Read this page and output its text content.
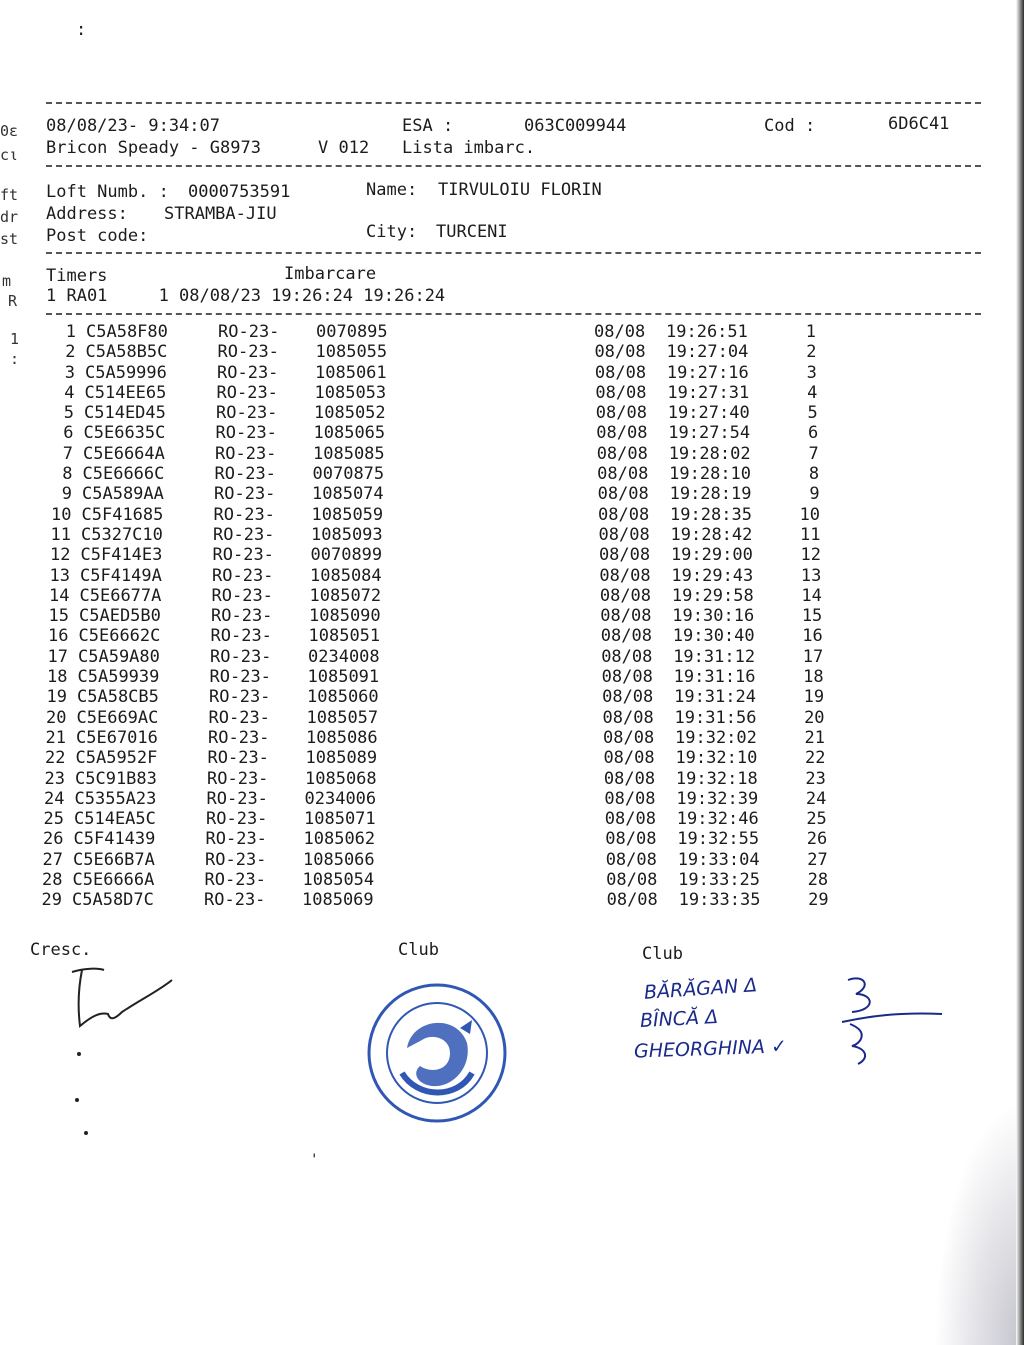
:
0ε
cι
ft
dr
st
m
R
1
:
08/08/23- 9:34:07	ESA :	063C009944	Cod :	6D6C41
Bricon Speady - G8973	V 012 Lista imbarc.
Loft Numb. : 0000753591	Name: TIRVULOIU FLORIN
Address: STRAMBA-JIU
Post code:	City: TURCENI
Timers	Imbarcare
1 RA01     1 08/08/23 19:26:24 19:26:24
1 C5A58F80	RO-23- 0070895	08/08 19:26:51	1
2 C5A58B5C	RO-23- 1085055	08/08 19:27:04	2
3 C5A59996	RO-23- 1085061	08/08 19:27:16	3
4 C514EE65	RO-23- 1085053	08/08 19:27:31	4
5 C514ED45	RO-23- 1085052	08/08 19:27:40	5
6 C5E6635C	RO-23- 1085065	08/08 19:27:54	6
7 C5E6664A	RO-23- 1085085	08/08 19:28:02	7
8 C5E6666C	RO-23- 0070875	08/08 19:28:10	8
9 C5A589AA	RO-23- 1085074	08/08 19:28:19	9
10 C5F41685	RO-23- 1085059	08/08 19:28:35	10
11 C5327C10	RO-23- 1085093	08/08 19:28:42	11
12 C5F414E3	RO-23- 0070899	08/08 19:29:00	12
13 C5F4149A	RO-23- 1085084	08/08 19:29:43	13
14 C5E6677A	RO-23- 1085072	08/08 19:29:58	14
15 C5AED5B0	RO-23- 1085090	08/08 19:30:16	15
16 C5E6662C	RO-23- 1085051	08/08 19:30:40	16
17 C5A59A80	RO-23- 0234008	08/08 19:31:12	17
18 C5A59939	RO-23- 1085091	08/08 19:31:16	18
19 C5A58CB5	RO-23- 1085060	08/08 19:31:24	19
20 C5E669AC	RO-23- 1085057	08/08 19:31:56	20
21 C5E67016	RO-23- 1085086	08/08 19:32:02	21
22 C5A5952F	RO-23- 1085089	08/08 19:32:10	22
23 C5C91B83	RO-23- 1085068	08/08 19:32:18	23
24 C5355A23	RO-23- 0234006	08/08 19:32:39	24
25 C514EA5C	RO-23- 1085071	08/08 19:32:46	25
26 C5F41439	RO-23- 1085062	08/08 19:32:55	26
27 C5E66B7A	RO-23- 1085066	08/08 19:33:04	27
28 C5E6666A	RO-23- 1085054	08/08 19:33:25	28
29 C5A58D7C	RO-23- 1085069	08/08 19:33:35	29
Cresc.	Club	Club
BĂRĂGAN Δ
BÎNCĂ Δ
GHEORGHINA ✓
'
